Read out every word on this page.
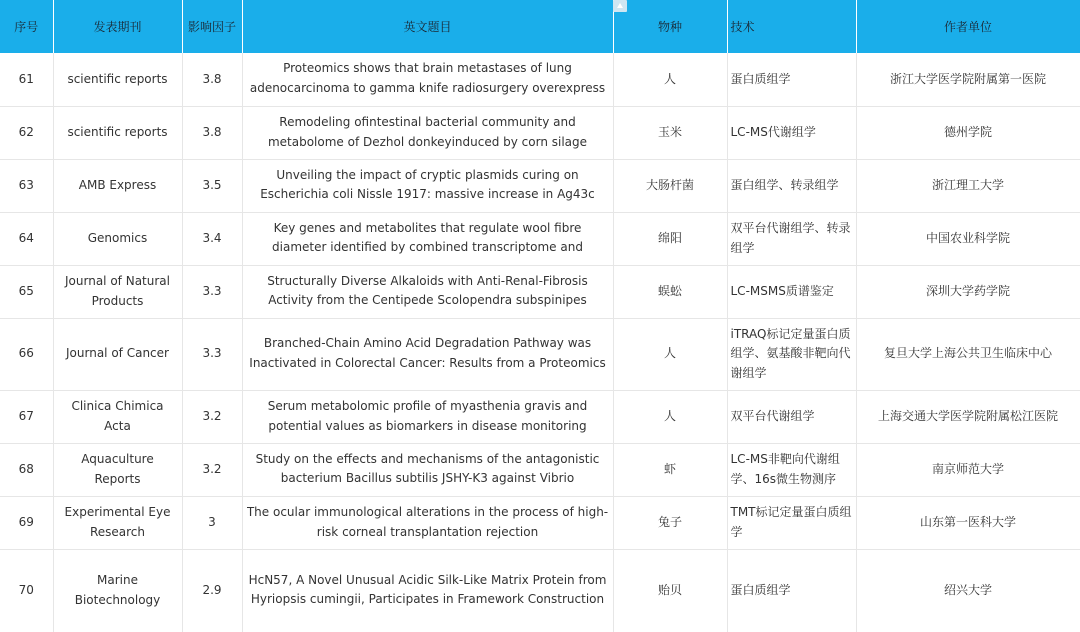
序号	发表期刊	影响因子	英文题目	物种	技术	作者单位
61	scientific reports	3.8	Proteomics shows that brain metastases of lung adenocarcinoma to gamma knife radiosurgery overexpress	人	蛋白质组学	浙江大学医学院附属第一医院
62	scientific reports	3.8	Remodeling ofintestinal bacterial community and metabolome of Dezhol donkeyinduced by corn silage	玉米	LC-MS代谢组学	德州学院
63	AMB Express	3.5	Unveiling the impact of cryptic plasmids curing on Escherichia coli Nissle 1917: massive increase in Ag43c	大肠杆菌	蛋白组学、转录组学	浙江理工大学
64	Genomics	3.4	Key genes and metabolites that regulate wool fibre diameter identified by combined transcriptome and	绵阳	双平台代谢组学、转录组学	中国农业科学院
65	Journal of Natural Products	3.3	Structurally Diverse Alkaloids with Anti-Renal-Fibrosis Activity from the Centipede Scolopendra subspinipes	蜈蚣	LC-MSMS质谱鉴定	深圳大学药学院
66	Journal of Cancer	3.3	Branched-Chain Amino Acid Degradation Pathway was Inactivated in Colorectal Cancer: Results from a Proteomics	人	iTRAQ标记定量蛋白质组学、氨基酸非靶向代谢组学	复旦大学上海公共卫生临床中心
67	Clinica Chimica Acta	3.2	Serum metabolomic profile of myasthenia gravis and potential values as biomarkers in disease monitoring	人	双平台代谢组学	上海交通大学医学院附属松江医院
68	Aquaculture Reports	3.2	Study on the effects and mechanisms of the antagonistic bacterium Bacillus subtilis JSHY-K3 against Vibrio	虾	LC-MS非靶向代谢组学、16s微生物测序	南京师范大学
69	Experimental Eye Research	3	The ocular immunological alterations in the process of high-risk corneal transplantation rejection	兔子	TMT标记定量蛋白质组学	山东第一医科大学
70	Marine Biotechnology	2.9	HcN57, A Novel Unusual Acidic Silk-Like Matrix Protein from Hyriopsis cumingii, Participates in Framework Construction	贻贝	蛋白质组学	绍兴大学
